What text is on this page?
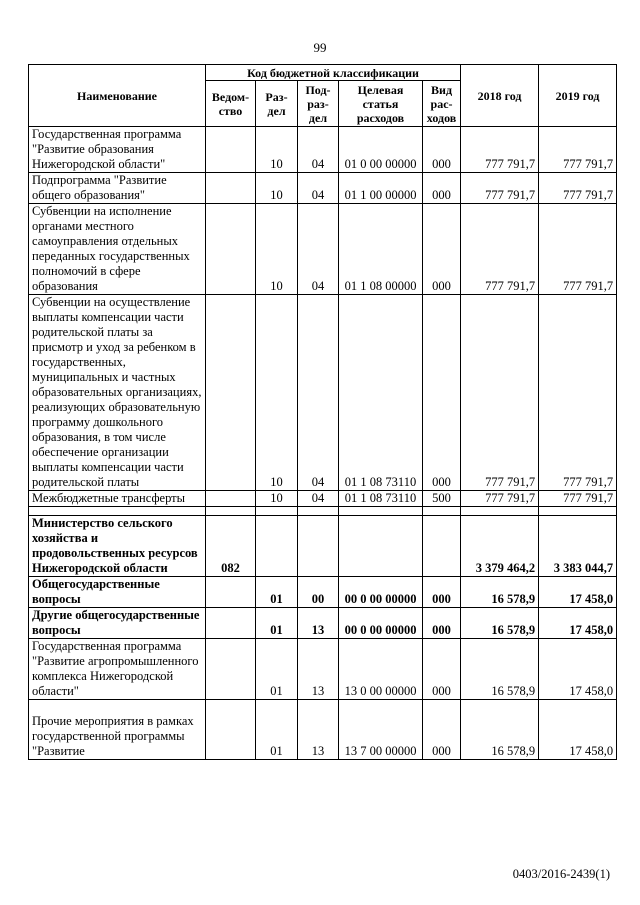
99
Наименование	Код бюджетной классификации					2018 год	2019 год
	Ведом-ство	Раз-дел	Под-раз-дел	Целевая статья расходов	Вид рас-ходов		
Государственная программа "Развитие образования Нижегородской области"		10	04	01 0 00 00000	000	777 791,7	777 791,7
Подпрограмма "Развитие общего образования"		10	04	01 1 00 00000	000	777 791,7	777 791,7
Субвенции на исполнение органами местного самоуправления отдельных переданных государственных полномочий в сфере образования		10	04	01 1 08 00000	000	777 791,7	777 791,7
Субвенции на осуществление выплаты компенсации части родительской платы за присмотр и уход за ребенком в государственных, муниципальных и частных образовательных организациях, реализующих образовательную программу дошкольного образования, в том числе обеспечение организации выплаты компенсации части родительской платы		10	04	01 1 08 73110	000	777 791,7	777 791,7
Межбюджетные трансферты		10	04	01 1 08 73110	500	777 791,7	777 791,7

Министерство сельского хозяйства и продовольственных ресурсов Нижегородской области	082					3 379 464,2	3 383 044,7
Общегосударственные вопросы		01	00	00 0 00 00000	000	16 578,9	17 458,0
Другие общегосударственные вопросы		01	13	00 0 00 00000	000	16 578,9	17 458,0
Государственная программа "Развитие агропромышленного комплекса Нижегородской области"		01	13	13 0 00 00000	000	16 578,9	17 458,0
Прочие мероприятия в рамках государственной программы "Развитие		01	13	13 7 00 00000	000	16 578,9	17 458,0
0403/2016-2439(1)
